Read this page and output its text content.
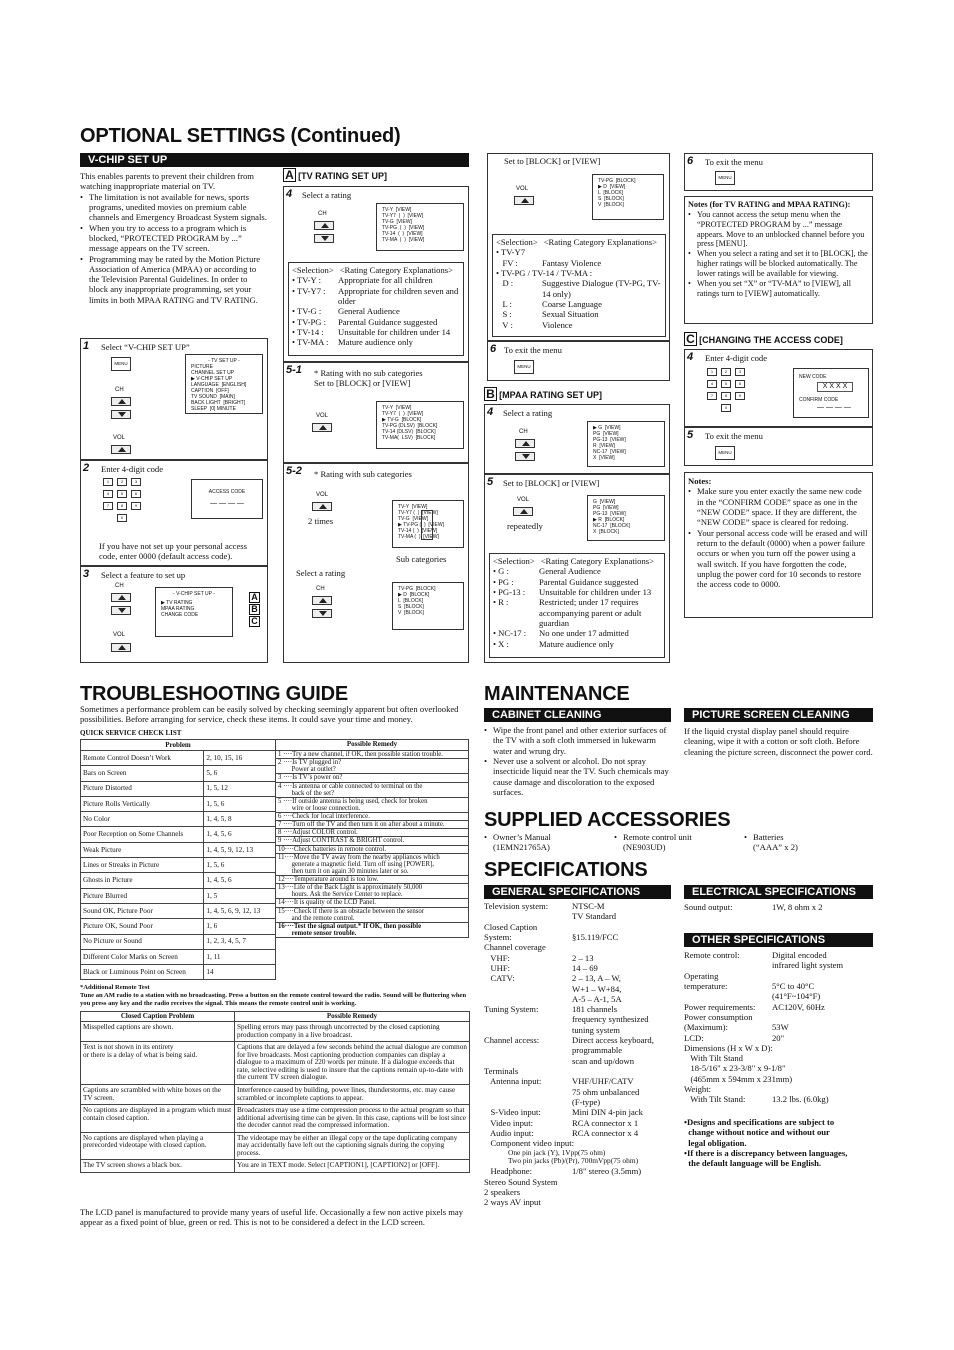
OPTIONAL SETTINGS (Continued)
V-CHIP SET UP
This enables parents to prevent their children from watching inappropriate material on TV.
• The limitation is not available for news, sports programs, unedited movies on premium cable channels and Emergency Broadcast System signals.
• When you try to access to a program which is blocked, “PROTECTED PROGRAM by ...” message appears on the TV screen.
• Programming may be rated by the Motion Picture Association of America (MPAA) or according to the Television Parental Guidelines. In order to block any inappropriate programming, set your limits in both MPAA RATING and TV RATING.
1 Select “V-CHIP SET UP”
MENU
CH
VOL
- TV SET UP -
PICTURE
CHANNEL SET UP
▶ V-CHIP SET UP
LANGUAGE  [ENGLISH]
CAPTION  [OFF]
TV SOUND  [MAIN]
BACK LIGHT  [BRIGHT]
SLEEP  [0] MINUTE
2 Enter 4-digit code
1	2	3
4	5	6
7	8	9
0
ACCESS CODE
— — — —
If you have not set up your personal access code, enter 0000 (default access code).
3 Select a feature to set up
CH
VOL
- V-CHIP SET UP -
▶ TV RATING
MPAA RATING
CHANGE CODE
A
B
C
A [TV RATING SET UP]
4 Select a rating
CH
TV-Y  [VIEW]
TV-Y7  (  )  [VIEW]
TV-G  [VIEW]
TV-PG  (  )  [VIEW]
TV-14  (  )  [VIEW]
TV-MA  (  )  [VIEW]
<Selection> <Rating Category Explanations>
• TV-Y :	Appropriate for all children
• TV-Y7 :	Appropriate for children seven and older
• TV-G :	General Audience
• TV-PG :	Parental Guidance suggested
• TV-14 :	Unsuitable for children under 14
• TV-MA :	Mature audience only
5-1 * Rating with no sub categories
Set to [BLOCK] or [VIEW]
VOL
TV-Y  [VIEW]
TV-Y7  (  )  [VIEW]
▶ TV-G  [BLOCK]
TV-PG (DLSV)  [BLOCK]
TV-14 (DLSV)  [BLOCK]
TV-MA(  LSV)  [BLOCK]
5-2 * Rating with sub categories
VOL
2 times
TV-Y  [VIEW]
TV-Y7 (  )  [VIEW]
TV-G  [VIEW]
▶ TV-PG (  )  [VIEW]
TV-14 (  )  [VIEW]
TV-MA (  )  [VIEW]
Sub categories
Select a rating
CH	TV-PG  [BLOCK]
▶ D  [BLOCK]
L  [BLOCK]
S  [BLOCK]
V  [BLOCK]
Set to [BLOCK] or [VIEW]
VOL
TV-PG  [BLOCK]
▶ D  [VIEW]
L  [BLOCK]
S  [BLOCK]
V  [BLOCK]
<Selection> <Rating Category Explanations>
• TV-Y7
FV :	Fantasy Violence
• TV-PG / TV-14 / TV-MA :
D :	Suggestive Dialogue (TV-PG, TV-14 only)
L :	Coarse Language
S :	Sexual Situation
V :	Violence
6 To exit the menu
MENU
B [MPAA RATING SET UP]
4 Select a rating
CH
▶ G  [VIEW]
PG  [VIEW]
PG-13  [VIEW]
R  [VIEW]
NC-17  [VIEW]
X  [VIEW]
5 Set to [BLOCK] or [VIEW]
VOL
repeatedly
G  [VIEW]
PG  [VIEW]
PG-13  [VIEW]
▶ R  [BLOCK]
NC-17  [BLOCK]
X  [BLOCK]
<Selection> <Rating Category Explanations>
• G :	General Audience
• PG :	Parental Guidance suggested
• PG-13 :	Unsuitable for children under 13
• R :	Restricted; under 17 requires accompanying parent or adult guardian
• NC-17 :	No one under 17 admitted
• X :	Mature audience only
6 To exit the menu
MENU
Notes (for TV RATING and MPAA RATING):
• You cannot access the setup menu when the “PROTECTED PROGRAM by ...” message appears. Move to an unblocked channel before you press [MENU].
• When you select a rating and set it to [BLOCK], the higher ratings will be blocked automatically. The lower ratings will be available for viewing.
• When you set “X” or “TV-MA” to [VIEW], all ratings turn to [VIEW] automatically.
C [CHANGING THE ACCESS CODE]
4 Enter 4-digit code
1	2	3
4	5	6
7	8	9
0
NEW CODE
X X X X
CONFIRM CODE
— — — —
5 To exit the menu
MENU
Notes:
• Make sure you enter exactly the same new code in the “CONFIRM CODE” space as one in the “NEW CODE” space. If they are different, the “NEW CODE” space is cleared for redoing.
• Your personal access code will be erased and will return to the default (0000) when a power failure occurs or when you turn off the power using a wall switch. If you have forgotten the code, unplug the power cord for 10 seconds to restore the access code to 0000.
TROUBLESHOOTING GUIDE
Sometimes a performance problem can be easily solved by checking seemingly apparent but often overlooked possibilities. Before arranging for service, check these items. It could save your time and money.
QUICK SERVICE CHECK LIST
Problem	
Remote Control Doesn’t Work	2, 10, 15, 16
Bars on Screen	5, 6
Picture Distorted	1, 5, 12
Picture Rolls Vertically	1, 5, 6
No Color	1, 4, 5, 8
Poor Reception on Some Channels	1, 4, 5, 6
Weak Picture	1, 4, 5, 9, 12, 13
Lines or Streaks in Picture	1, 5, 6
Ghosts in Picture	1, 4, 5, 6
Picture Blurred	1, 5
Sound OK, Picture Poor	1, 4, 5, 6, 9, 12, 13
Picture OK, Sound Poor	1, 6
No Picture or Sound	1, 2, 3, 4, 5, 7
Different Color Marks on Screen	1, 11
Black or Luminous Point on Screen	14
Possible Remedy
1 ····Try a new channel, if OK, then possible station trouble.
2 ····Is TV plugged in?
Power at outlet?
3 ····Is TV’s power on?
4 ····Is antenna or cable connected to terminal on the
back of the set?
5 ····If outside antenna is being used, check for broken
wire or loose connection.
6 ····Check for local interference.
7 ····Turn off the TV and then turn it on after about a minute.
8 ····Adjust COLOR control.
9 ····Adjust CONTRAST & BRIGHT control.
10····Check batteries in remote control.
11····Move the TV away from the nearby appliances which
generate a magnetic field. Turn off using [POWER],
then turn it on again 30 minutes later or so.
12····Temperature around is too low.
13····Life of the Back Light is approximately 50,000
hours. Ask the Service Center to replace.
14····It is quality of the LCD Panel.
15····Check if there is an obstacle between the sensor
and the remote control.
16····Test the signal output.* If OK, then possible
remote sensor trouble.
*Additional Remote Test
Tune an AM radio to a station with no broadcasting. Press a button on the remote control toward the radio. Sound will be fluttering when you press any key and the radio receives the signal. This means the remote control unit is working.
Closed Caption Problem	Possible Remedy
Misspelled captions are shown.	Spelling errors may pass through uncorrected by the closed captioning production company in a live broadcast.
Text is not shown in its entirety
or there is a delay of what is being said.	Captions that are delayed a few seconds behind the actual dialogue are common for live broadcasts. Most captioning production companies can display a dialogue to a maximum of 220 words per minute. If a dialogue exceeds that rate, selective editing is used to insure that the captions remain up-to-date with the current TV screen dialogue.
Captions are scrambled with white boxes on the TV screen.	Interference caused by building, power lines, thunderstorms, etc. may cause scrambled or incomplete captions to appear.
No captions are displayed in a program which must contain closed caption.	Broadcasters may use a time compression process to the actual program so that additional advertising time can be given. In this case, captions will be lost since the decoder cannot read the compressed information.
No captions are displayed when playing a prerecorded videotape with closed caption.	The videotape may be either an illegal copy or the tape duplicating company may accidentally have left out the captioning signals during the copying process.
The TV screen shows a black box.	You are in TEXT mode. Select [CAPTION1], [CAPTION2] or [OFF].
The LCD panel is manufactured to provide many years of useful life. Occasionally a few non active pixels may appear as a fixed point of blue, green or red. This is not to be considered a defect in the LCD screen.
MAINTENANCE
CABINET CLEANING
• Wipe the front panel and other exterior surfaces of the TV with a soft cloth immersed in lukewarm water and wrung dry.
• Never use a solvent or alcohol. Do not spray insecticide liquid near the TV. Such chemicals may cause damage and discoloration to the exposed surfaces.
PICTURE SCREEN CLEANING
If the liquid crystal display panel should require cleaning, wipe it with a cotton or soft cloth. Before cleaning the picture screen, disconnect the power cord.
SUPPLIED ACCESSORIES
• Owner’s Manual
(1EMN21765A)
• Remote control unit
(NE903UD)
• Batteries
(“AAA” x 2)
SPECIFICATIONS
GENERAL SPECIFICATIONS
Television system:	NTSC-M
TV Standard
Closed Caption
System:	
§15.119/FCC
Channel coverage
VHF:	2 – 13
UHF:	14 – 69
CATV:	2 – 13, A – W,
W+1 – W+84,
A-5 – A-1, 5A
Tuning System:	181 channels
frequency synthesized
tuning system
Channel access:	Direct access keyboard,
programmable
scan and up/down
Terminals
Antenna input:	VHF/UHF/CATV
75 ohm unbalanced
(F-type)
S-Video input:	Mini DIN 4-pin jack
Video input:	RCA connector x 1
Audio input:	RCA connector x 4
Component video input:
One pin jack (Y), 1Vpp(75 ohm)
Two pin jacks (Pb)/(Pr), 700mVpp(75 ohm)
Headphone:	1/8" stereo (3.5mm)
Stereo Sound System
2 speakers
2 ways AV input
ELECTRICAL SPECIFICATIONS
Sound output:	1W, 8 ohm x 2
OTHER SPECIFICATIONS
Remote control:	Digital encoded
infrared light system
Operating
temperature:	
5°C to 40°C
(41°F~104°F)
Power requirements:	AC120V, 60Hz
Power consumption
(Maximum):	
53W
LCD:	20"
Dimensions (H x W x D):
With Tilt Stand
18-5/16" x 23-3/8" x 9-1/8"
(465mm x 594mm x 231mm)
Weight:
With Tilt Stand:	13.2 lbs. (6.0kg)
•Designs and specifications are subject to
change without notice and without our
legal obligation.
•If there is a discrepancy between languages,
the default language will be English.
